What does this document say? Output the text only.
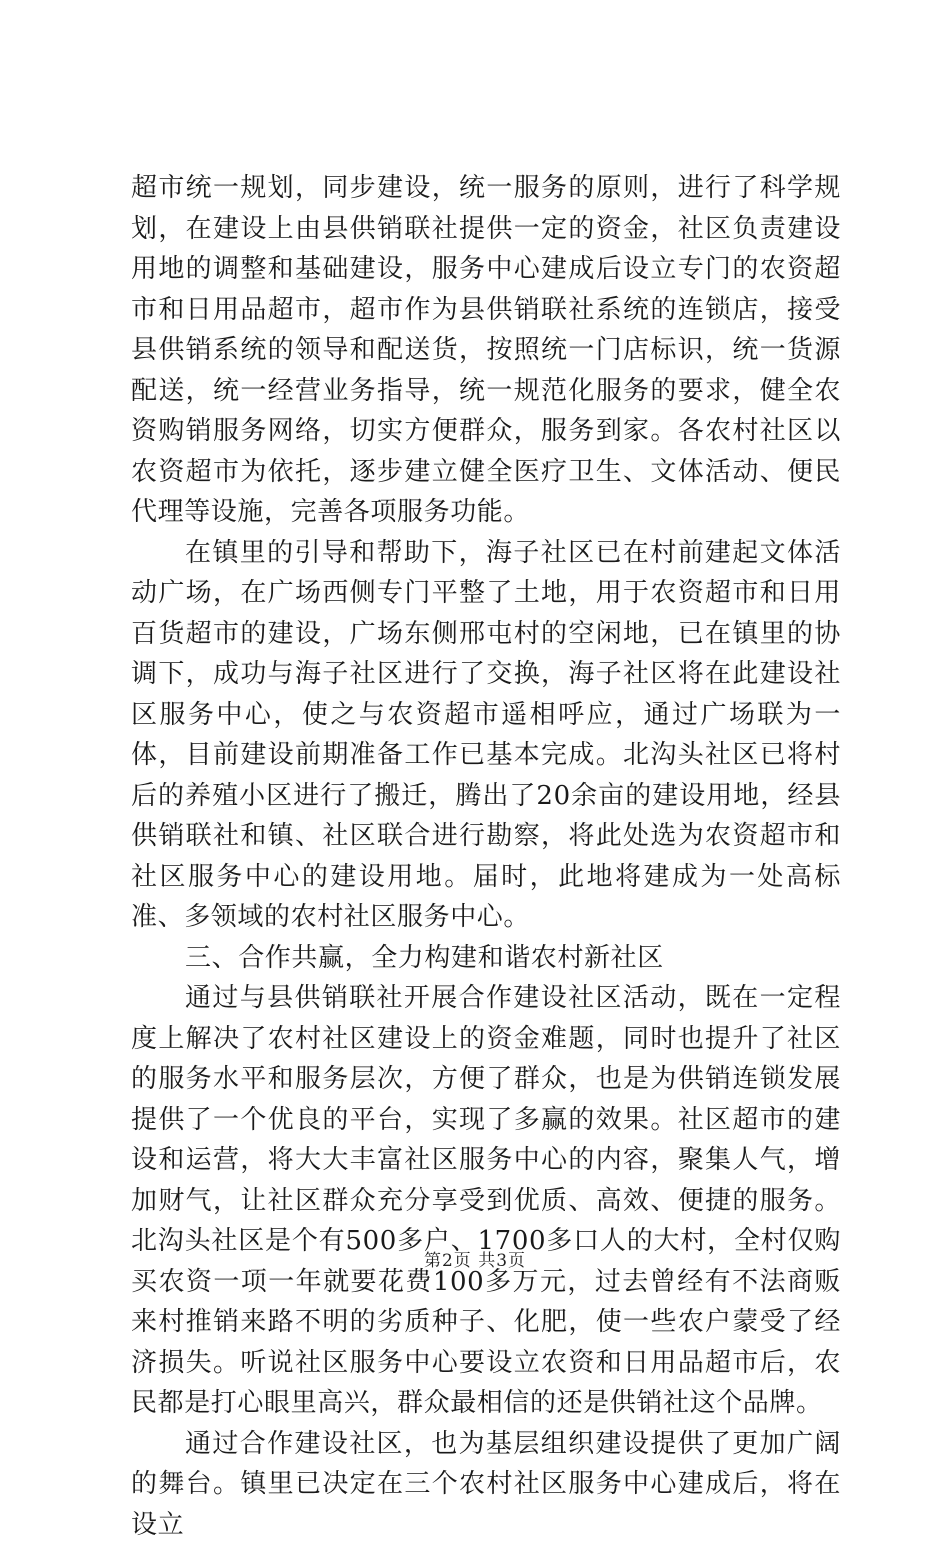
超市统一规划，同步建设，统一服务的原则，进行了科学规划，在建设上由县供销联社提供一定的资金，社区负责建设用地的调整和基础建设，服务中心建成后设立专门的农资超市和日用品超市，超市作为县供销联社系统的连锁店，接受县供销系统的领导和配送货，按照统一门店标识，统一货源配送，统一经营业务指导，统一规范化服务的要求，健全农资购销服务网络，切实方便群众，服务到家。各农村社区以农资超市为依托，逐步建立健全医疗卫生、文体活动、便民代理等设施，完善各项服务功能。

在镇里的引导和帮助下，海子社区已在村前建起文体活动广场，在广场西侧专门平整了土地，用于农资超市和日用百货超市的建设，广场东侧邢屯村的空闲地，已在镇里的协调下，成功与海子社区进行了交换，海子社区将在此建设社区服务中心，使之与农资超市遥相呼应，通过广场联为一体，目前建设前期准备工作已基本完成。北沟头社区已将村后的养殖小区进行了搬迁，腾出了20余亩的建设用地，经县供销联社和镇、社区联合进行勘察，将此处选为农资超市和社区服务中心的建设用地。届时，此地将建成为一处高标准、多领域的农村社区服务中心。

三、合作共赢，全力构建和谐农村新社区

通过与县供销联社开展合作建设社区活动，既在一定程度上解决了农村社区建设上的资金难题，同时也提升了社区的服务水平和服务层次，方便了群众，也是为供销连锁发展提供了一个优良的平台，实现了多赢的效果。社区超市的建设和运营，将大大丰富社区服务中心的内容，聚集人气，增加财气，让社区群众充分享受到优质、高效、便捷的服务。北沟头社区是个有500多户、1700多口人的大村，全村仅购买农资一项一年就要花费100多万元，过去曾经有不法商贩来村推销来路不明的劣质种子、化肥，使一些农户蒙受了经济损失。听说社区服务中心要设立农资和日用品超市后，农民都是打心眼里高兴，群众最相信的还是供销社这个品牌。

通过合作建设社区，也为基层组织建设提供了更加广阔的舞台。镇里已决定在三个农村社区服务中心建成后，将在设立

第2页 共3页
